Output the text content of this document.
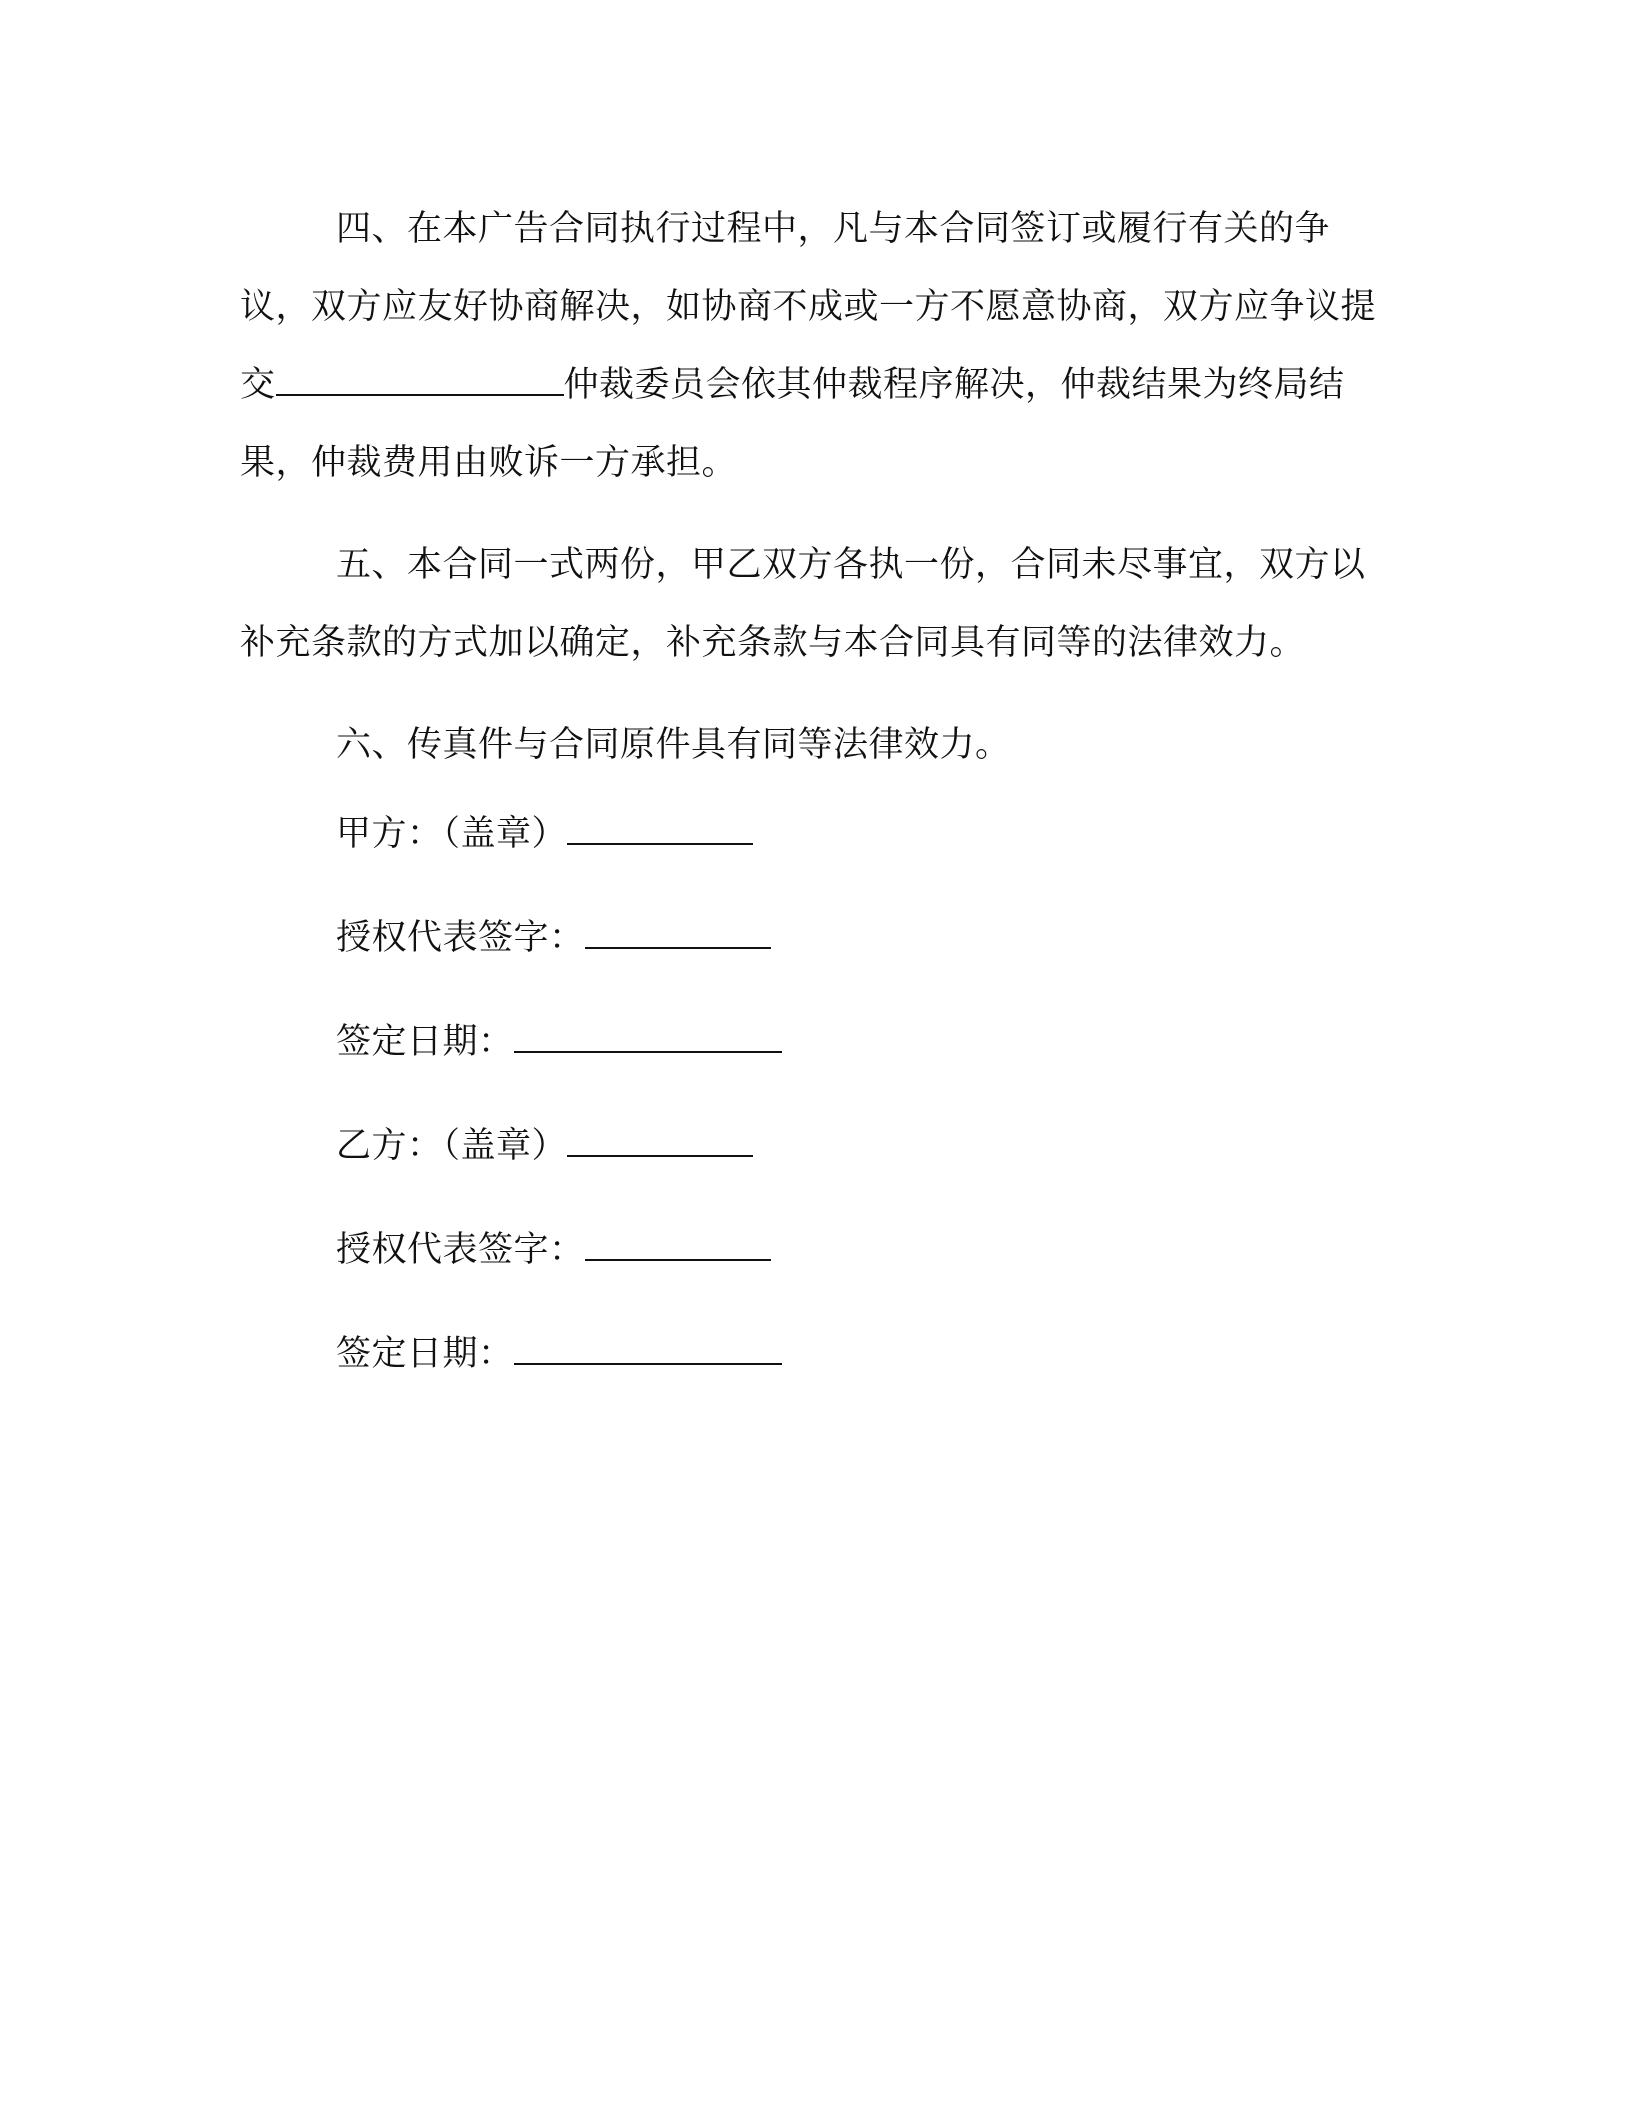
四、在本广告合同执行过程中，凡与本合同签订或履行有关的争议，双方应友好协商解决，如协商不成或一方不愿意协商，双方应争议提交	仲裁委员会依其仲裁程序解决，仲裁结果为终局结果，仲裁费用由败诉一方承担。

五、本合同一式两份，甲乙双方各执一份，合同未尽事宜，双方以补充条款的方式加以确定，补充条款与本合同具有同等的法律效力。

六、传真件与合同原件具有同等法律效力。

甲方：（盖章）
授权代表签字：
签定日期：
乙方：（盖章）
授权代表签字：
签定日期：
